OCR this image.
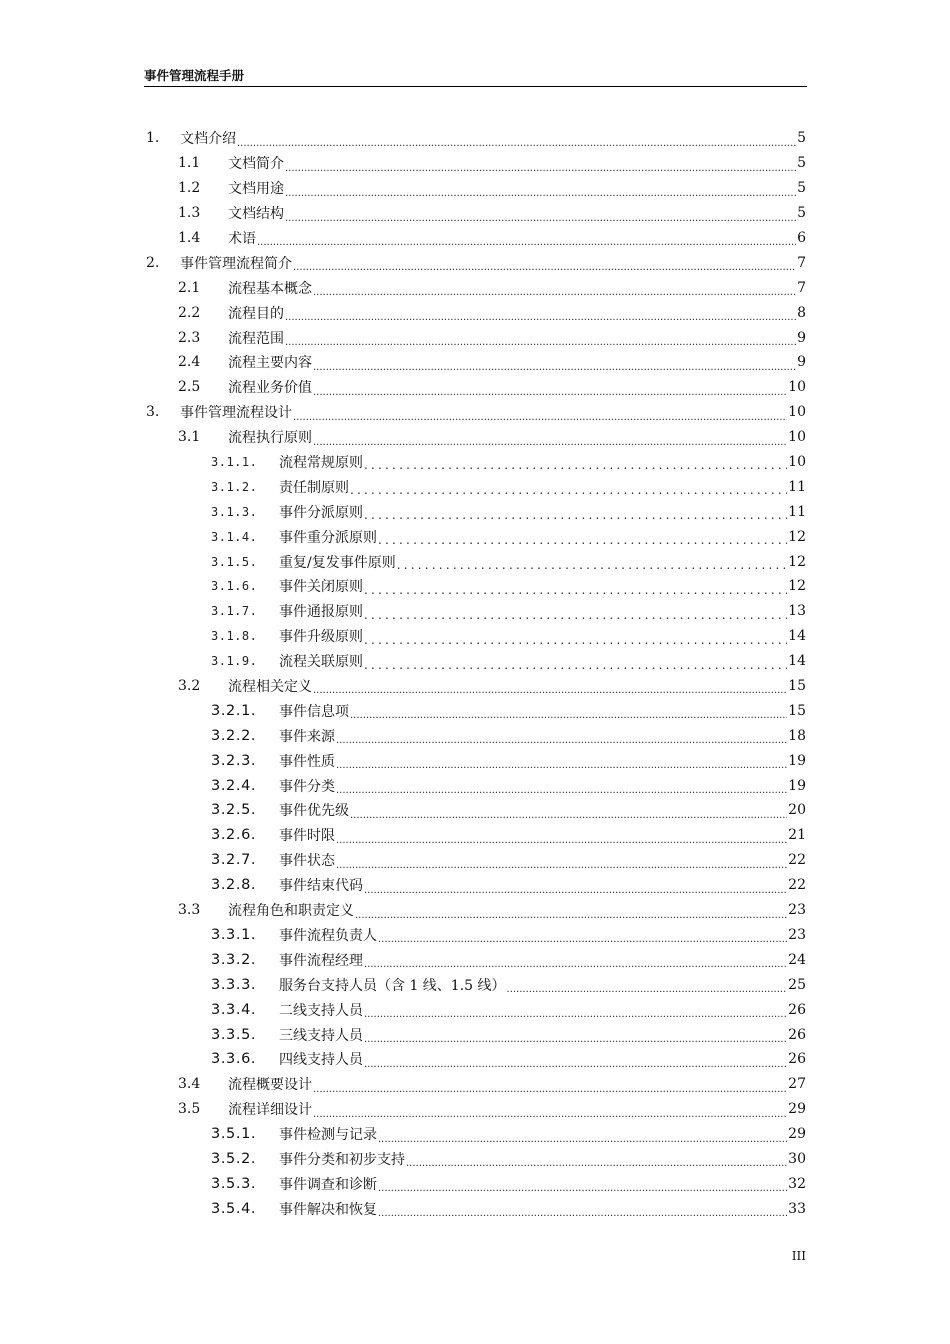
事件管理流程手册
1.	文档介绍 .....	5
1.1	文档简介 .....	5
1.2	文档用途 .....	5
1.3	文档结构 .....	5
1.4	术语 .....	6
2.	事件管理流程简介 .....	7
2.1	流程基本概念 .....	7
2.2	流程目的 .....	8
2.3	流程范围 .....	9
2.4	流程主要内容 .....	9
2.5	流程业务价值 .....	10
3.	事件管理流程设计 .....	10
3.1	流程执行原则 .....	10
3.1.1.	流程常规原则 .....	10
3.1.2.	责任制原则 .....	11
3.1.3.	事件分派原则 .....	11
3.1.4.	事件重分派原则 .....	12
3.1.5.	重复/复发事件原则 .....	12
3.1.6.	事件关闭原则 .....	12
3.1.7.	事件通报原则 .....	13
3.1.8.	事件升级原则 .....	14
3.1.9.	流程关联原则 .....	14
3.2	流程相关定义 .....	15
3.2.1.	事件信息项 .....	15
3.2.2.	事件来源 .....	18
3.2.3.	事件性质 .....	19
3.2.4.	事件分类 .....	19
3.2.5.	事件优先级 .....	20
3.2.6.	事件时限 .....	21
3.2.7.	事件状态 .....	22
3.2.8.	事件结束代码 .....	22
3.3	流程角色和职责定义 .....	23
3.3.1.	事件流程负责人 .....	23
3.3.2.	事件流程经理 .....	24
3.3.3.	服务台支持人员（含 1 线、1.5 线） .....	25
3.3.4.	二线支持人员 .....	26
3.3.5.	三线支持人员 .....	26
3.3.6.	四线支持人员 .....	26
3.4	流程概要设计 .....	27
3.5	流程详细设计 .....	29
3.5.1.	事件检测与记录 .....	29
3.5.2.	事件分类和初步支持 .....	30
3.5.3.	事件调查和诊断 .....	32
3.5.4.	事件解决和恢复 .....	33
III
